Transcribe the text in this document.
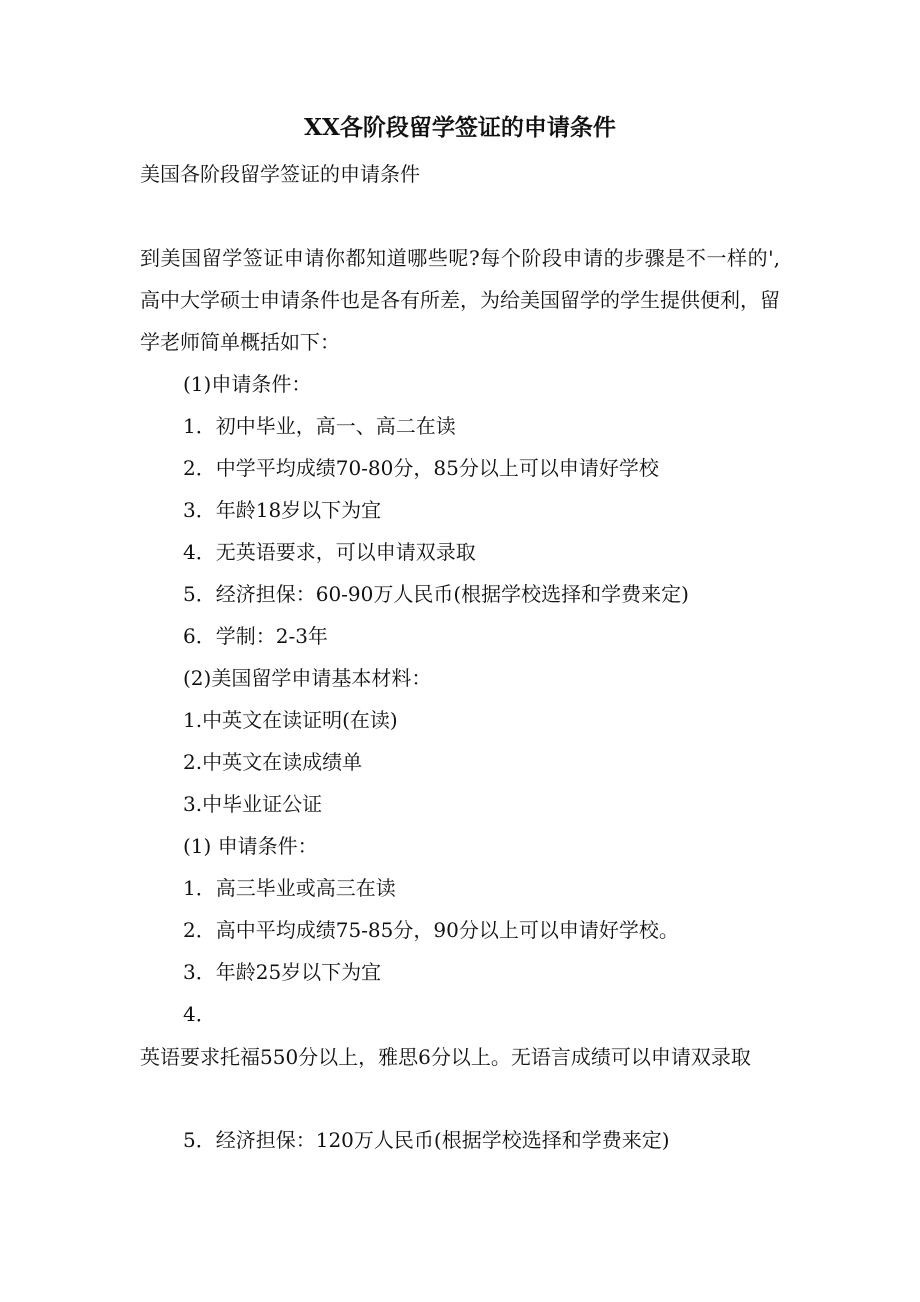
XX各阶段留学签证的申请条件
美国各阶段留学签证的申请条件
到美国留学签证申请你都知道哪些呢?每个阶段申请的步骤是不一样的',高中大学硕士申请条件也是各有所差，为给美国留学的学生提供便利，留学老师简单概括如下：
(1)申请条件：
1．初中毕业，高一、高二在读
2．中学平均成绩70-80分，85分以上可以申请好学校
3．年龄18岁以下为宜
4．无英语要求，可以申请双录取
5．经济担保：60-90万人民币(根据学校选择和学费来定)
6．学制：2-3年
(2)美国留学申请基本材料：
1.中英文在读证明(在读)
2.中英文在读成绩单
3.中毕业证公证
(1) 申请条件：
1．高三毕业或高三在读
2．高中平均成绩75-85分，90分以上可以申请好学校。
3．年龄25岁以下为宜
4．
英语要求托福550分以上，雅思6分以上。无语言成绩可以申请双录取
5．经济担保：120万人民币(根据学校选择和学费来定)
